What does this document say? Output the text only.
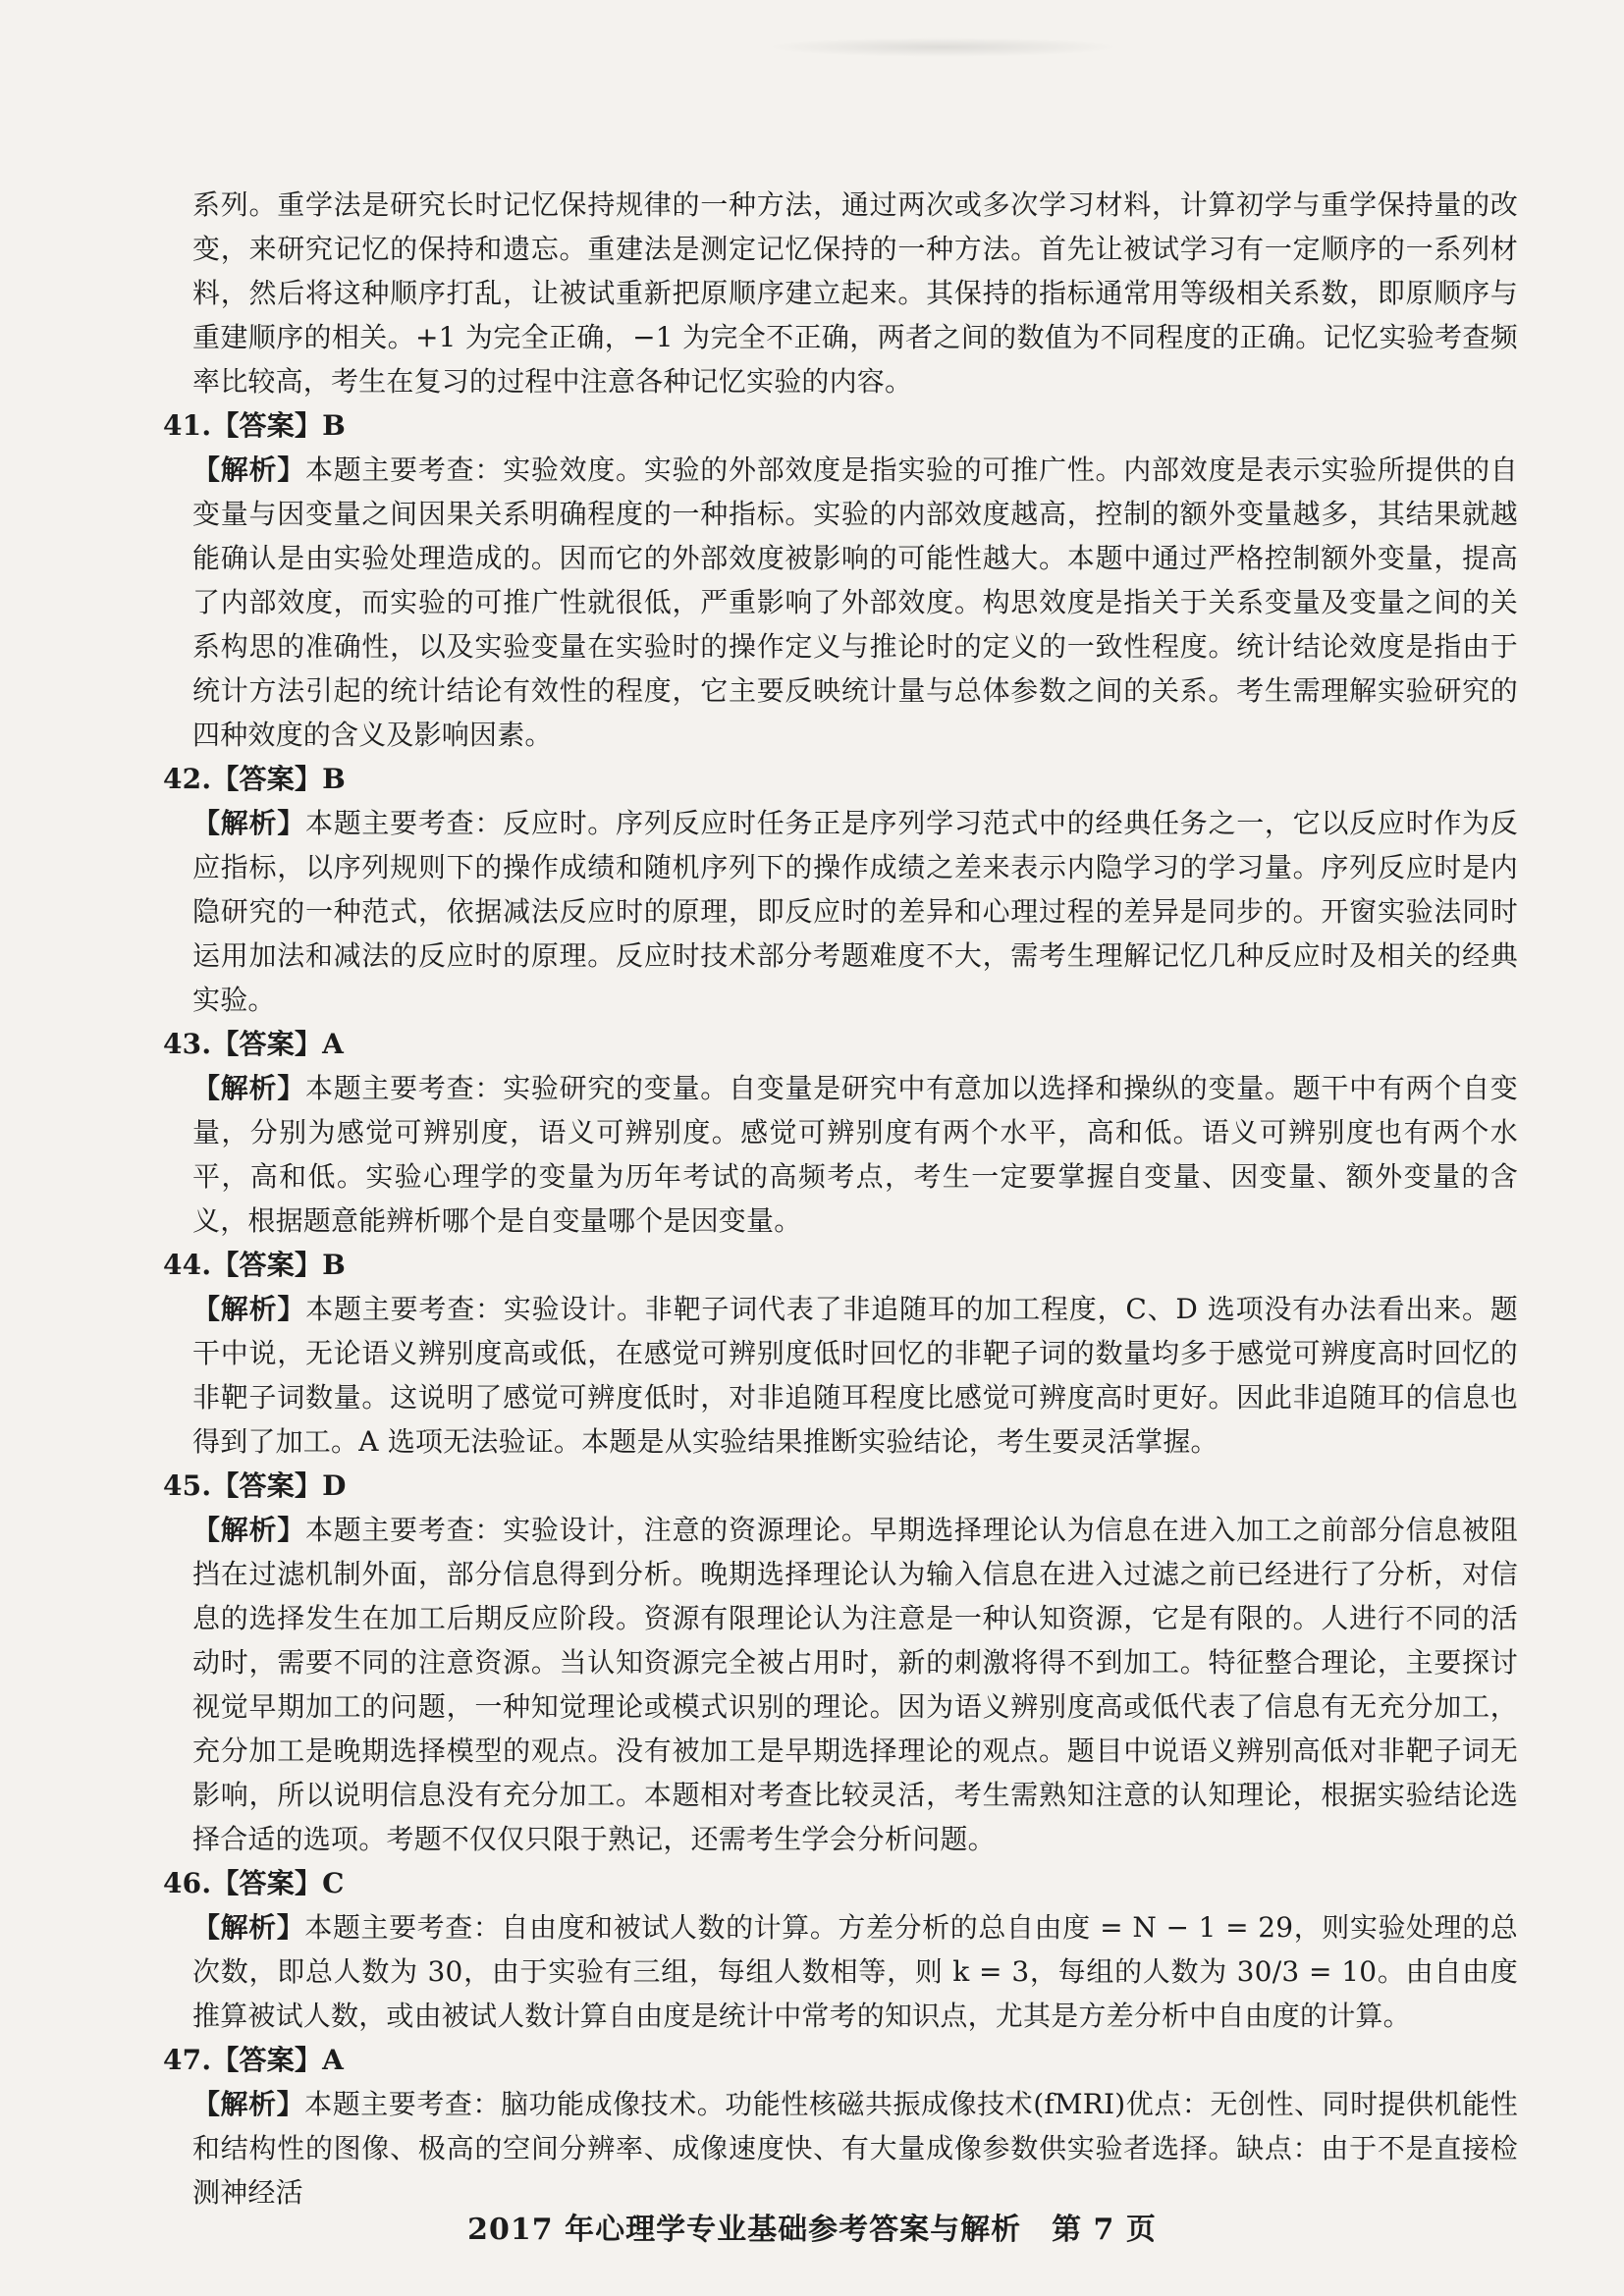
系列。重学法是研究长时记忆保持规律的一种方法，通过两次或多次学习材料，计算初学与重学保持量的改变，来研究记忆的保持和遗忘。重建法是测定记忆保持的一种方法。首先让被试学习有一定顺序的一系列材料，然后将这种顺序打乱，让被试重新把原顺序建立起来。其保持的指标通常用等级相关系数，即原顺序与重建顺序的相关。+1 为完全正确，−1 为完全不正确，两者之间的数值为不同程度的正确。记忆实验考查频率比较高，考生在复习的过程中注意各种记忆实验的内容。

41.【答案】B

【解析】本题主要考查：实验效度。实验的外部效度是指实验的可推广性。内部效度是表示实验所提供的自变量与因变量之间因果关系明确程度的一种指标。实验的内部效度越高，控制的额外变量越多，其结果就越能确认是由实验处理造成的。因而它的外部效度被影响的可能性越大。本题中通过严格控制额外变量，提高了内部效度，而实验的可推广性就很低，严重影响了外部效度。构思效度是指关于关系变量及变量之间的关系构思的准确性，以及实验变量在实验时的操作定义与推论时的定义的一致性程度。统计结论效度是指由于统计方法引起的统计结论有效性的程度，它主要反映统计量与总体参数之间的关系。考生需理解实验研究的四种效度的含义及影响因素。

42.【答案】B

【解析】本题主要考查：反应时。序列反应时任务正是序列学习范式中的经典任务之一，它以反应时作为反应指标，以序列规则下的操作成绩和随机序列下的操作成绩之差来表示内隐学习的学习量。序列反应时是内隐研究的一种范式，依据减法反应时的原理，即反应时的差异和心理过程的差异是同步的。开窗实验法同时运用加法和减法的反应时的原理。反应时技术部分考题难度不大，需考生理解记忆几种反应时及相关的经典实验。

43.【答案】A

【解析】本题主要考查：实验研究的变量。自变量是研究中有意加以选择和操纵的变量。题干中有两个自变量，分别为感觉可辨别度，语义可辨别度。感觉可辨别度有两个水平，高和低。语义可辨别度也有两个水平，高和低。实验心理学的变量为历年考试的高频考点，考生一定要掌握自变量、因变量、额外变量的含义，根据题意能辨析哪个是自变量哪个是因变量。

44.【答案】B

【解析】本题主要考查：实验设计。非靶子词代表了非追随耳的加工程度，C、D 选项没有办法看出来。题干中说，无论语义辨别度高或低，在感觉可辨别度低时回忆的非靶子词的数量均多于感觉可辨度高时回忆的非靶子词数量。这说明了感觉可辨度低时，对非追随耳程度比感觉可辨度高时更好。因此非追随耳的信息也得到了加工。A 选项无法验证。本题是从实验结果推断实验结论，考生要灵活掌握。

45.【答案】D

【解析】本题主要考查：实验设计，注意的资源理论。早期选择理论认为信息在进入加工之前部分信息被阻挡在过滤机制外面，部分信息得到分析。晚期选择理论认为输入信息在进入过滤之前已经进行了分析，对信息的选择发生在加工后期反应阶段。资源有限理论认为注意是一种认知资源，它是有限的。人进行不同的活动时，需要不同的注意资源。当认知资源完全被占用时，新的刺激将得不到加工。特征整合理论，主要探讨视觉早期加工的问题，一种知觉理论或模式识别的理论。因为语义辨别度高或低代表了信息有无充分加工，充分加工是晚期选择模型的观点。没有被加工是早期选择理论的观点。题目中说语义辨别高低对非靶子词无影响，所以说明信息没有充分加工。本题相对考查比较灵活，考生需熟知注意的认知理论，根据实验结论选择合适的选项。考题不仅仅只限于熟记，还需考生学会分析问题。

46.【答案】C

【解析】本题主要考查：自由度和被试人数的计算。方差分析的总自由度 = N − 1 = 29，则实验处理的总次数，即总人数为 30，由于实验有三组，每组人数相等，则 k = 3，每组的人数为 30/3 = 10。由自由度推算被试人数，或由被试人数计算自由度是统计中常考的知识点，尤其是方差分析中自由度的计算。

47.【答案】A

【解析】本题主要考查：脑功能成像技术。功能性核磁共振成像技术(fMRI)优点：无创性、同时提供机能性和结构性的图像、极高的空间分辨率、成像速度快、有大量成像参数供实验者选择。缺点：由于不是直接检测神经活

2017 年心理学专业基础参考答案与解析　第 7 页
